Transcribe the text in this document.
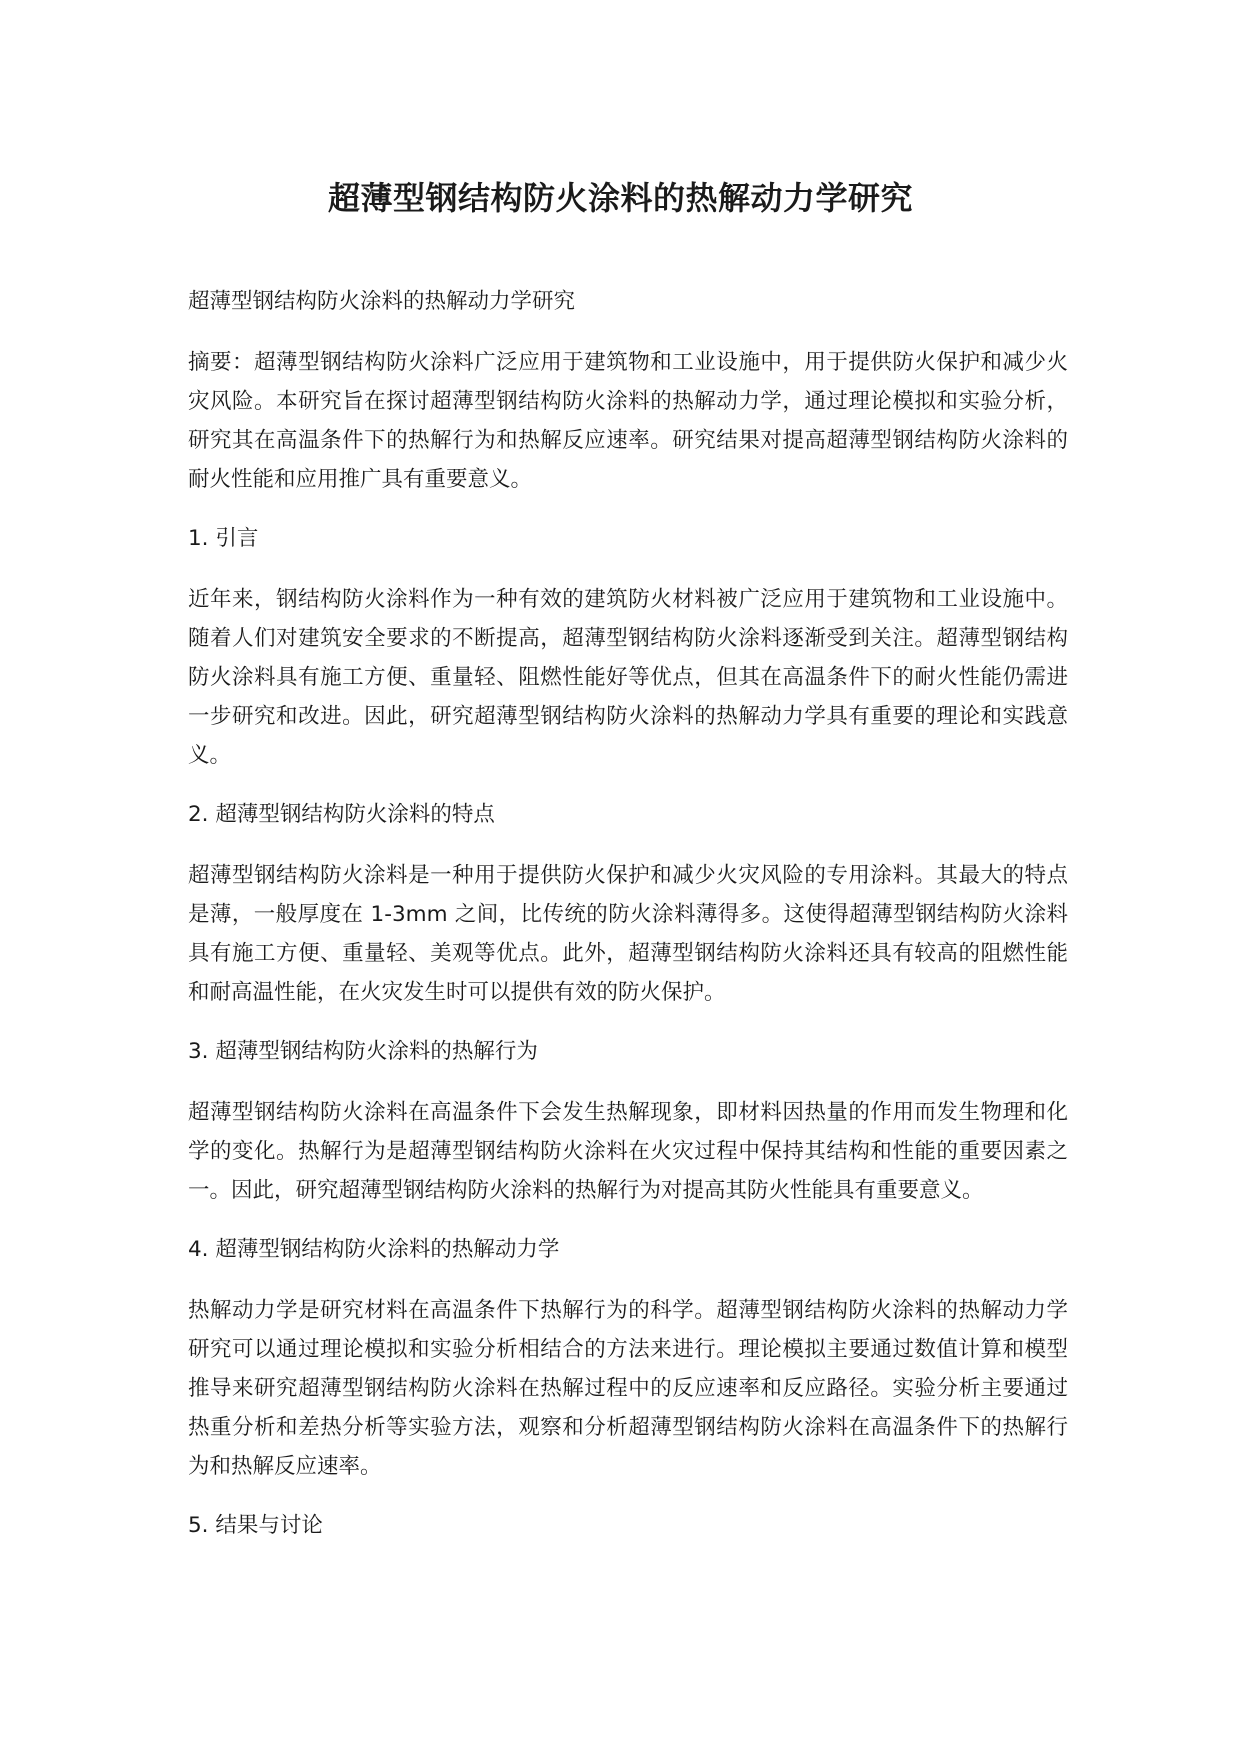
超薄型钢结构防火涂料的热解动力学研究

超薄型钢结构防火涂料的热解动力学研究

摘要：超薄型钢结构防火涂料广泛应用于建筑物和工业设施中，用于提供防火保护和减少火灾风险。本研究旨在探讨超薄型钢结构防火涂料的热解动力学，通过理论模拟和实验分析，研究其在高温条件下的热解行为和热解反应速率。研究结果对提高超薄型钢结构防火涂料的耐火性能和应用推广具有重要意义。

1. 引言

近年来，钢结构防火涂料作为一种有效的建筑防火材料被广泛应用于建筑物和工业设施中。随着人们对建筑安全要求的不断提高，超薄型钢结构防火涂料逐渐受到关注。超薄型钢结构防火涂料具有施工方便、重量轻、阻燃性能好等优点，但其在高温条件下的耐火性能仍需进一步研究和改进。因此，研究超薄型钢结构防火涂料的热解动力学具有重要的理论和实践意义。

2. 超薄型钢结构防火涂料的特点

超薄型钢结构防火涂料是一种用于提供防火保护和减少火灾风险的专用涂料。其最大的特点是薄，一般厚度在 1-3mm 之间，比传统的防火涂料薄得多。这使得超薄型钢结构防火涂料具有施工方便、重量轻、美观等优点。此外，超薄型钢结构防火涂料还具有较高的阻燃性能和耐高温性能，在火灾发生时可以提供有效的防火保护。

3. 超薄型钢结构防火涂料的热解行为

超薄型钢结构防火涂料在高温条件下会发生热解现象，即材料因热量的作用而发生物理和化学的变化。热解行为是超薄型钢结构防火涂料在火灾过程中保持其结构和性能的重要因素之一。因此，研究超薄型钢结构防火涂料的热解行为对提高其防火性能具有重要意义。

4. 超薄型钢结构防火涂料的热解动力学

热解动力学是研究材料在高温条件下热解行为的科学。超薄型钢结构防火涂料的热解动力学研究可以通过理论模拟和实验分析相结合的方法来进行。理论模拟主要通过数值计算和模型推导来研究超薄型钢结构防火涂料在热解过程中的反应速率和反应路径。实验分析主要通过热重分析和差热分析等实验方法，观察和分析超薄型钢结构防火涂料在高温条件下的热解行为和热解反应速率。

5. 结果与讨论
